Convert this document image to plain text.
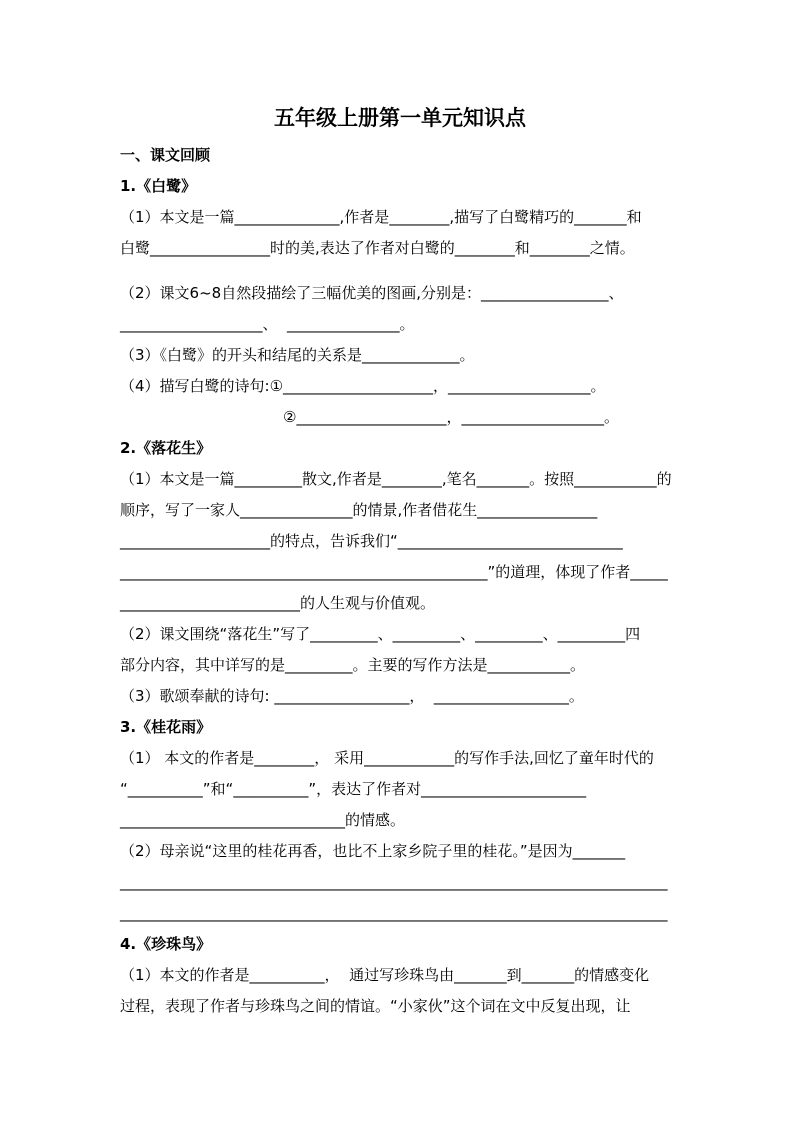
五年级上册第一单元知识点
一、课文回顾
1.《白鹭》
（1）本文是一篇______________,作者是________,描写了白鹭精巧的_______和
白鹭________________时的美,表达了作者对白鹭的________和________之情。
（2）课文6~8自然段描绘了三幅优美的图画,分别是：_________________、
___________________、  _______________。
（3）《白鹭》的开头和结尾的关系是_____________。
（4）描写白鹭的诗句:①____________________，___________________。
②____________________，___________________。
2.《落花生》
（1）本文是一篇_________散文,作者是________,笔名_______。按照___________的
顺序，写了一家人_______________的情景,作者借花生________________
____________________的特点，告诉我们“______________________________
_________________________________________________”的道理，体现了作者_____
________________________的人生观与价值观。
（2）课文围绕“落花生”写了_________、_________、_________、_________四
部分内容，其中详写的是_________。主要的写作方法是___________。
（3）歌颂奉献的诗句: __________________，  __________________。
3.《桂花雨》
（1） 本文的作者是________， 采用____________的写作手法,回忆了童年时代的
“__________”和“__________”，表达了作者对______________________
______________________________的情感。
（2）母亲说“这里的桂花再香，也比不上家乡院子里的桂花。”是因为_______
_________________________________________________________________________
_________________________________________________________________________
4.《珍珠鸟》
（1）本文的作者是__________，  通过写珍珠鸟由_______到_______的情感变化
过程，表现了作者与珍珠鸟之间的情谊。“小家伙”这个词在文中反复出现，让
